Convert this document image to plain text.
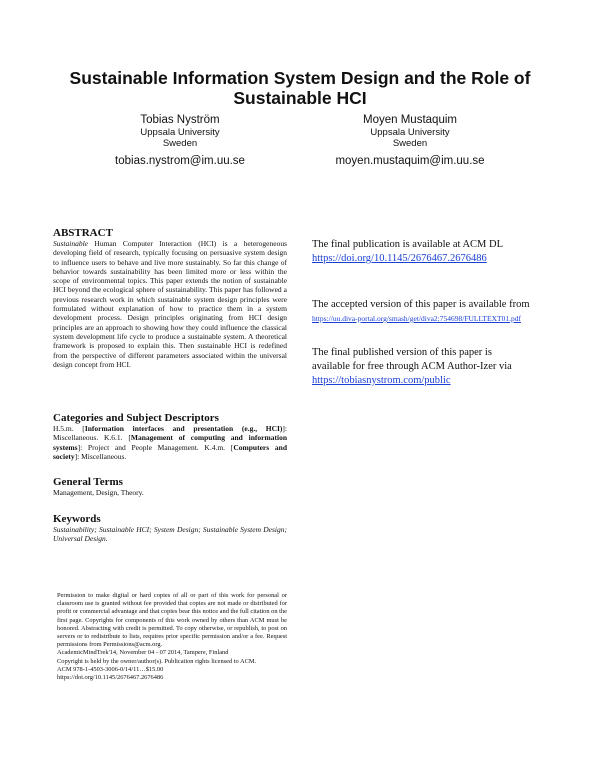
Sustainable Information System Design and the Role of
Sustainable HCI
Tobias Nyström
Uppsala University
Sweden
tobias.nystrom@im.uu.se
Moyen Mustaquim
Uppsala University
Sweden
moyen.mustaquim@im.uu.se
ABSTRACT

Sustainable Human Computer Interaction (HCI) is a heterogeneous developing field of research, typically focusing on persuasive system design to influence users to behave and live more sustainably. So far this change of behavior towards sustainability has been limited more or less within the scope of environmental topics. This paper extends the notion of sustainable HCI beyond the ecological sphere of sustainability. This paper has followed a previous research work in which sustainable system design principles were formulated without explanation of how to practice them in a system development process. Design principles originating from HCI design principles are an approach to showing how they could influence the classical system development life cycle to produce a sustainable system. A theoretical framework is proposed to explain this. Then sustainable HCI is redefined from the perspective of different parameters associated within the universal design concept from HCI.

Categories and Subject Descriptors

H.5.m. [Information interfaces and presentation (e.g., HCI)]: Miscellaneous. K.6.1. [Management of computing and information systems]: Project and People Management. K.4.m. [Computers and society]: Miscellaneous.

General Terms

Management, Design, Theory.

Keywords

Sustainability; Sustainable HCI; System Design; Sustainable System Design; Universal Design.

The final publication is available at ACM DL
https://doi.org/10.1145/2676467.2676486
The accepted version of this paper is available from
https://uu.diva-portal.org/smash/get/diva2:754698/FULLTEXT01.pdf
The final published version of this paper is
available for free through ACM Author-Izer via
https://tobiasnystrom.com/public

Permission to make digital or hard copies of all or part of this work for personal or classroom use is granted without fee provided that copies are not made or distributed for profit or commercial advantage and that copies bear this notice and the full citation on the first page. Copyrights for components of this work owned by others than ACM must be honored. Abstracting with credit is permitted. To copy otherwise, or republish, to post on servers or to redistribute to lists, requires prior specific permission and/or a fee. Request permissions from Permissions@acm.org.

AcademicMindTrek'14, November 04 - 07 2014, Tampere, Finland

Copyright is held by the owner/author(s). Publication rights licensed to ACM.

ACM 978-1-4503-3006-0/14/11…$15.00

https://doi.org/10.1145/2676467.2676486
